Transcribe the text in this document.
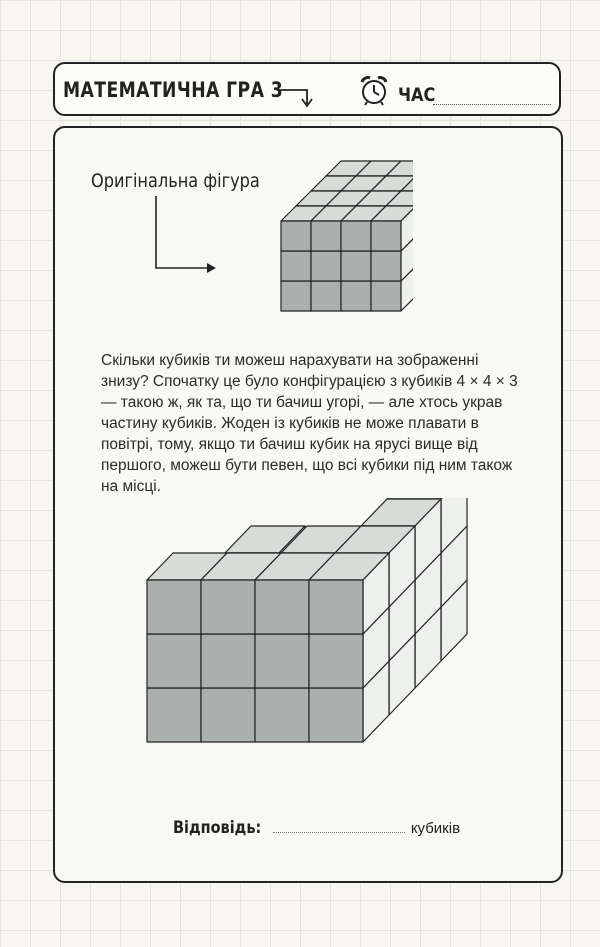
МАТЕМАТИЧНА ГРА 3	ЧАС
Оригінальна фігура

Скільки кубиків ти можеш нарахувати на зображенні знизу? Спочатку це було конфігурацією з кубиків 4 × 4 × 3 — такою ж, як та, що ти бачиш угорі, — але хтось украв частину кубиків. Жоден із кубиків не може плавати в повітрі, тому, якщо ти бачиш кубик на ярусі вище від першого, можеш бути певен, що всі кубики під ним також на місці.

Відповідь:	кубиків
